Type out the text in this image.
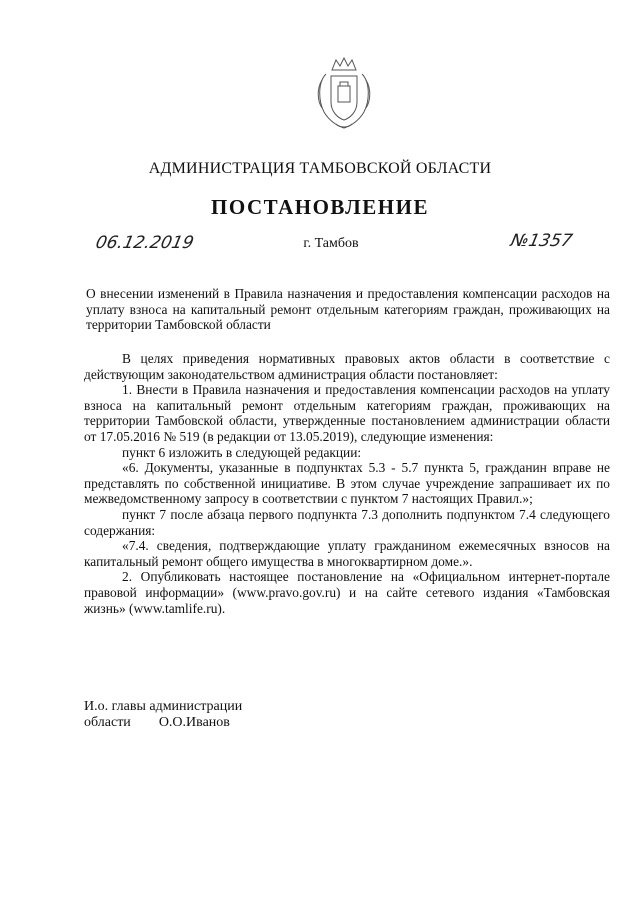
АДМИНИСТРАЦИЯ ТАМБОВСКОЙ ОБЛАСТИ
ПОСТАНОВЛЕНИЕ
06.12.2019	г. Тамбов	№1357
О внесении изменений в Правила назначения и предоставления компенсации расходов на уплату взноса на капитальный ремонт отдельным категориям граждан, проживающих на территории Тамбовской области

В целях приведения нормативных правовых актов области в соответствие с действующим законодательством администрация области постановляет:

1. Внести в Правила назначения и предоставления компенсации расходов на уплату взноса на капитальный ремонт отдельным категориям граждан, проживающих на территории Тамбовской области, утвержденные постановлением администрации области от 17.05.2016 № 519 (в редакции от 13.05.2019), следующие изменения:

пункт 6 изложить в следующей редакции:

«6. Документы, указанные в подпунктах 5.3 - 5.7 пункта 5, гражданин вправе не представлять по собственной инициативе. В этом случае учреждение запрашивает их по межведомственному запросу в соответствии с пунктом 7 настоящих Правил.»;

пункт 7 после абзаца первого подпункта 7.3 дополнить подпунктом 7.4 следующего содержания:

«7.4. сведения, подтверждающие уплату гражданином ежемесячных взносов на капитальный ремонт общего имущества в многоквартирном доме.».

2. Опубликовать настоящее постановление на «Официальном интернет-портале правовой информации» (www.pravo.gov.ru) и на сайте сетевого издания «Тамбовская жизнь» (www.tamlife.ru).

И.о. главы администрации
области О.О.Иванов
